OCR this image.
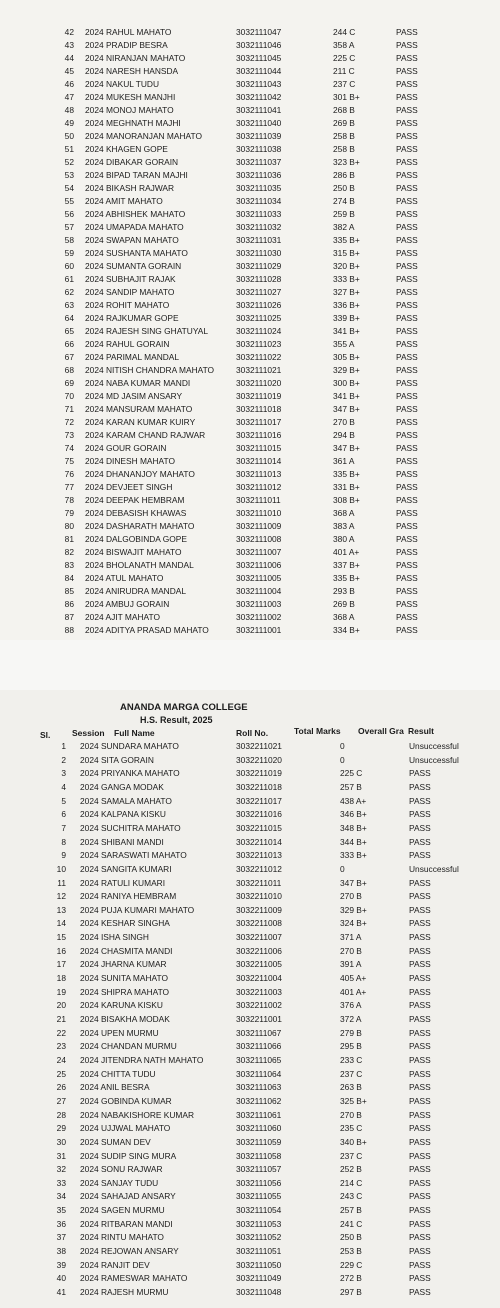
42 2024 RAHUL MAHATO	3032111047	244 C	PASS
43 2024 PRADIP BESRA	3032111046	358 A	PASS
44 2024 NIRANJAN MAHATO	3032111045	225 C	PASS
45 2024 NARESH HANSDA	3032111044	211 C	PASS
46 2024 NAKUL TUDU	3032111043	237 C	PASS
47 2024 MUKESH MANJHI	3032111042	301 B+	PASS
48 2024 MONOJ MAHATO	3032111041	268 B	PASS
49 2024 MEGHNATH MAJHI	3032111040	269 B	PASS
50 2024 MANORANJAN MAHATO	3032111039	258 B	PASS
51 2024 KHAGEN GOPE	3032111038	258 B	PASS
52 2024 DIBAKAR GORAIN	3032111037	323 B+	PASS
53 2024 BIPAD TARAN MAJHI	3032111036	286 B	PASS
54 2024 BIKASH RAJWAR	3032111035	250 B	PASS
55 2024 AMIT MAHATO	3032111034	274 B	PASS
56 2024 ABHISHEK MAHATO	3032111033	259 B	PASS
57 2024 UMAPADA MAHATO	3032111032	382 A	PASS
58 2024 SWAPAN MAHATO	3032111031	335 B+	PASS
59 2024 SUSHANTA MAHATO	3032111030	315 B+	PASS
60 2024 SUMANTA GORAIN	3032111029	320 B+	PASS
61 2024 SUBHAJIT RAJAK	3032111028	333 B+	PASS
62 2024 SANDIP MAHATO	3032111027	327 B+	PASS
63 2024 ROHIT MAHATO	3032111026	336 B+	PASS
64 2024 RAJKUMAR GOPE	3032111025	339 B+	PASS
65 2024 RAJESH SING GHATUYAL	3032111024	341 B+	PASS
66 2024 RAHUL GORAIN	3032111023	355 A	PASS
67 2024 PARIMAL MANDAL	3032111022	305 B+	PASS
68 2024 NITISH CHANDRA MAHATO	3032111021	329 B+	PASS
69 2024 NABA KUMAR MANDI	3032111020	300 B+	PASS
70 2024 MD JASIM ANSARY	3032111019	341 B+	PASS
71 2024 MANSURAM MAHATO	3032111018	347 B+	PASS
72 2024 KARAN KUMAR KUIRY	3032111017	270 B	PASS
73 2024 KARAM CHAND RAJWAR	3032111016	294 B	PASS
74 2024 GOUR GORAIN	3032111015	347 B+	PASS
75 2024 DINESH MAHATO	3032111014	361 A	PASS
76 2024 DHANANJOY MAHATO	3032111013	335 B+	PASS
77 2024 DEVJEET SINGH	3032111012	331 B+	PASS
78 2024 DEEPAK HEMBRAM	3032111011	308 B+	PASS
79 2024 DEBASISH KHAWAS	3032111010	368 A	PASS
80 2024 DASHARATH MAHATO	3032111009	383 A	PASS
81 2024 DALGOBINDA GOPE	3032111008	380 A	PASS
82 2024 BISWAJIT MAHATO	3032111007	401 A+	PASS
83 2024 BHOLANATH MANDAL	3032111006	337 B+	PASS
84 2024 ATUL MAHATO	3032111005	335 B+	PASS
85 2024 ANIRUDRA MANDAL	3032111004	293 B	PASS
86 2024 AMBUJ GORAIN	3032111003	269 B	PASS
87 2024 AJIT MAHATO	3032111002	368 A	PASS
88 2024 ADITYA PRASAD MAHATO	3032111001	334 B+	PASS
ANANDA MARGA COLLEGE
H.S. Result, 2025
Sl.	Session Full Name	Roll No.	Total Marks Overall Gra Result
1 2024 SUNDARA MAHATO	3032211021	0	Unsuccessful
2 2024 SITA GORAIN	3032211020	0	Unsuccessful
3 2024 PRIYANKA MAHATO	3032211019	225 C	PASS
4 2024 GANGA MODAK	3032211018	257 B	PASS
5 2024 SAMALA MAHATO	3032211017	438 A+	PASS
6 2024 KALPANA KISKU	3032211016	346 B+	PASS
7 2024 SUCHITRA MAHATO	3032211015	348 B+	PASS
8 2024 SHIBANI MANDI	3032211014	344 B+	PASS
9 2024 SARASWATI MAHATO	3032211013	333 B+	PASS
10 2024 SANGITA KUMARI	3032211012	0	Unsuccessful
11 2024 RATULI KUMARI	3032211011	347 B+	PASS
12 2024 RANIYA HEMBRAM	3032211010	270 B	PASS
13 2024 PUJA KUMARI MAHATO	3032211009	329 B+	PASS
14 2024 KESHAR SINGHA	3032211008	324 B+	PASS
15 2024 ISHA SINGH	3032211007	371 A	PASS
16 2024 CHASMITA MANDI	3032211006	270 B	PASS
17 2024 JHARNA KUMAR	3032211005	391 A	PASS
18 2024 SUNITA MAHATO	3032211004	405 A+	PASS
19 2024 SHIPRA MAHATO	3032211003	401 A+	PASS
20 2024 KARUNA KISKU	3032211002	376 A	PASS
21 2024 BISAKHA MODAK	3032211001	372 A	PASS
22 2024 UPEN MURMU	3032111067	279 B	PASS
23 2024 CHANDAN MURMU	3032111066	295 B	PASS
24 2024 JITENDRA NATH MAHATO	3032111065	233 C	PASS
25 2024 CHITTA TUDU	3032111064	237 C	PASS
26 2024 ANIL BESRA	3032111063	263 B	PASS
27 2024 GOBINDA KUMAR	3032111062	325 B+	PASS
28 2024 NABAKISHORE KUMAR	3032111061	270 B	PASS
29 2024 UJJWAL MAHATO	3032111060	235 C	PASS
30 2024 SUMAN DEV	3032111059	340 B+	PASS
31 2024 SUDIP SING MURA	3032111058	237 C	PASS
32 2024 SONU RAJWAR	3032111057	252 B	PASS
33 2024 SANJAY TUDU	3032111056	214 C	PASS
34 2024 SAHAJAD ANSARY	3032111055	243 C	PASS
35 2024 SAGEN MURMU	3032111054	257 B	PASS
36 2024 RITBARAN MANDI	3032111053	241 C	PASS
37 2024 RINTU MAHATO	3032111052	250 B	PASS
38 2024 REJOWAN ANSARY	3032111051	253 B	PASS
39 2024 RANJIT DEV	3032111050	229 C	PASS
40 2024 RAMESWAR MAHATO	3032111049	272 B	PASS
41 2024 RAJESH MURMU	3032111048	297 B	PASS
